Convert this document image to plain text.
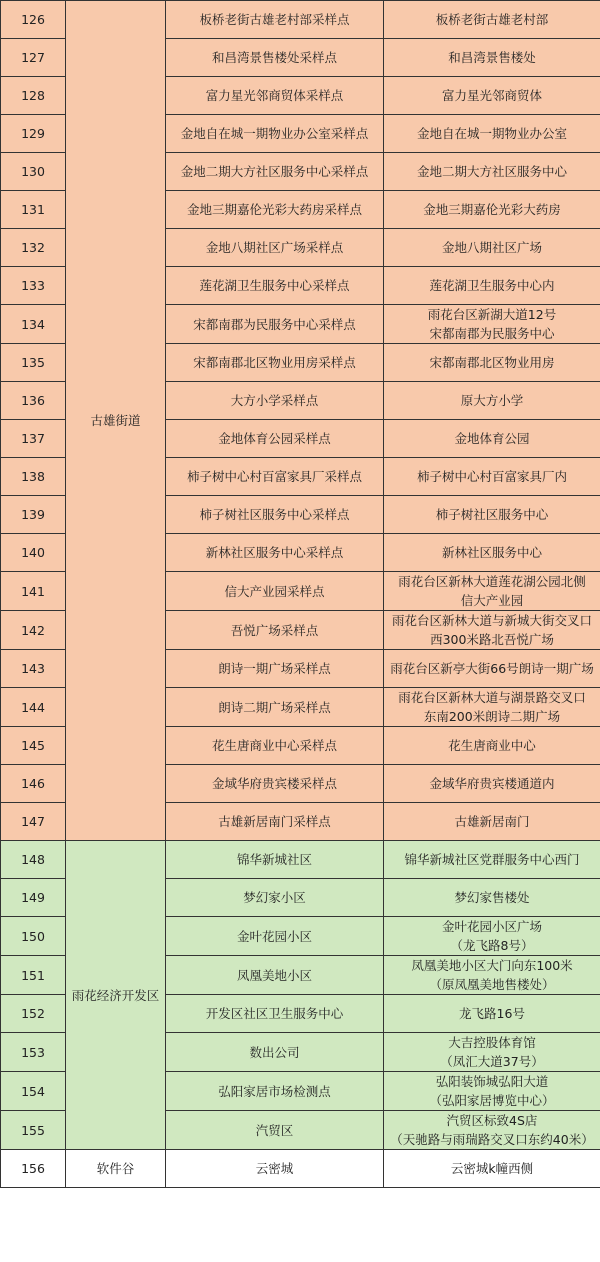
126	古雄街道	板桥老街古雄老村部采样点	板桥老街古雄老村部

127		和昌湾景售楼处采样点	和昌湾景售楼处

128		富力星光邻商贸体采样点	富力星光邻商贸体

129		金地自在城一期物业办公室采样点	金地自在城一期物业办公室

130		金地二期大方社区服务中心采样点	金地二期大方社区服务中心

131		金地三期嘉伦光彩大药房采样点	金地三期嘉伦光彩大药房

132		金地八期社区广场采样点	金地八期社区广场

133		莲花湖卫生服务中心采样点	莲花湖卫生服务中心内

134		宋都南郡为民服务中心采样点	雨花台区新湖大道12号
宋都南郡为民服务中心

135		宋都南郡北区物业用房采样点	宋都南郡北区物业用房

136		大方小学采样点	原大方小学

137		金地体育公园采样点	金地体育公园

138		柿子树中心村百富家具厂采样点	柿子树中心村百富家具厂内

139		柿子树社区服务中心采样点	柿子树社区服务中心

140		新林社区服务中心采样点	新林社区服务中心

141		信大产业园采样点	雨花台区新林大道莲花湖公园北侧
信大产业园

142		吾悦广场采样点	雨花台区新林大道与新城大街交叉口
西300米路北吾悦广场

143		朗诗一期广场采样点	雨花台区新亭大街66号朗诗一期广场

144		朗诗二期广场采样点	雨花台区新林大道与湖景路交叉口
东南200米朗诗二期广场

145		花生唐商业中心采样点	花生唐商业中心

146		金域华府贵宾楼采样点	金域华府贵宾楼通道内

147		古雄新居南门采样点	古雄新居南门

148	雨花经济开发区	锦华新城社区	锦华新城社区党群服务中心西门

149		梦幻家小区	梦幻家售楼处

150		金叶花园小区	金叶花园小区广场
（龙飞路8号）

151		凤凰美地小区	凤凰美地小区大门向东100米
（原凤凰美地售楼处）

152		开发区社区卫生服务中心	龙飞路16号

153		数出公司	大吉控股体育馆
（凤汇大道37号）

154		弘阳家居市场检测点	弘阳装饰城弘阳大道
（弘阳家居博览中心）

155		汽贸区	汽贸区标致4S店
（天驰路与雨瑞路交叉口东约40米）

156	软件谷	云密城	云密城k幢西侧
